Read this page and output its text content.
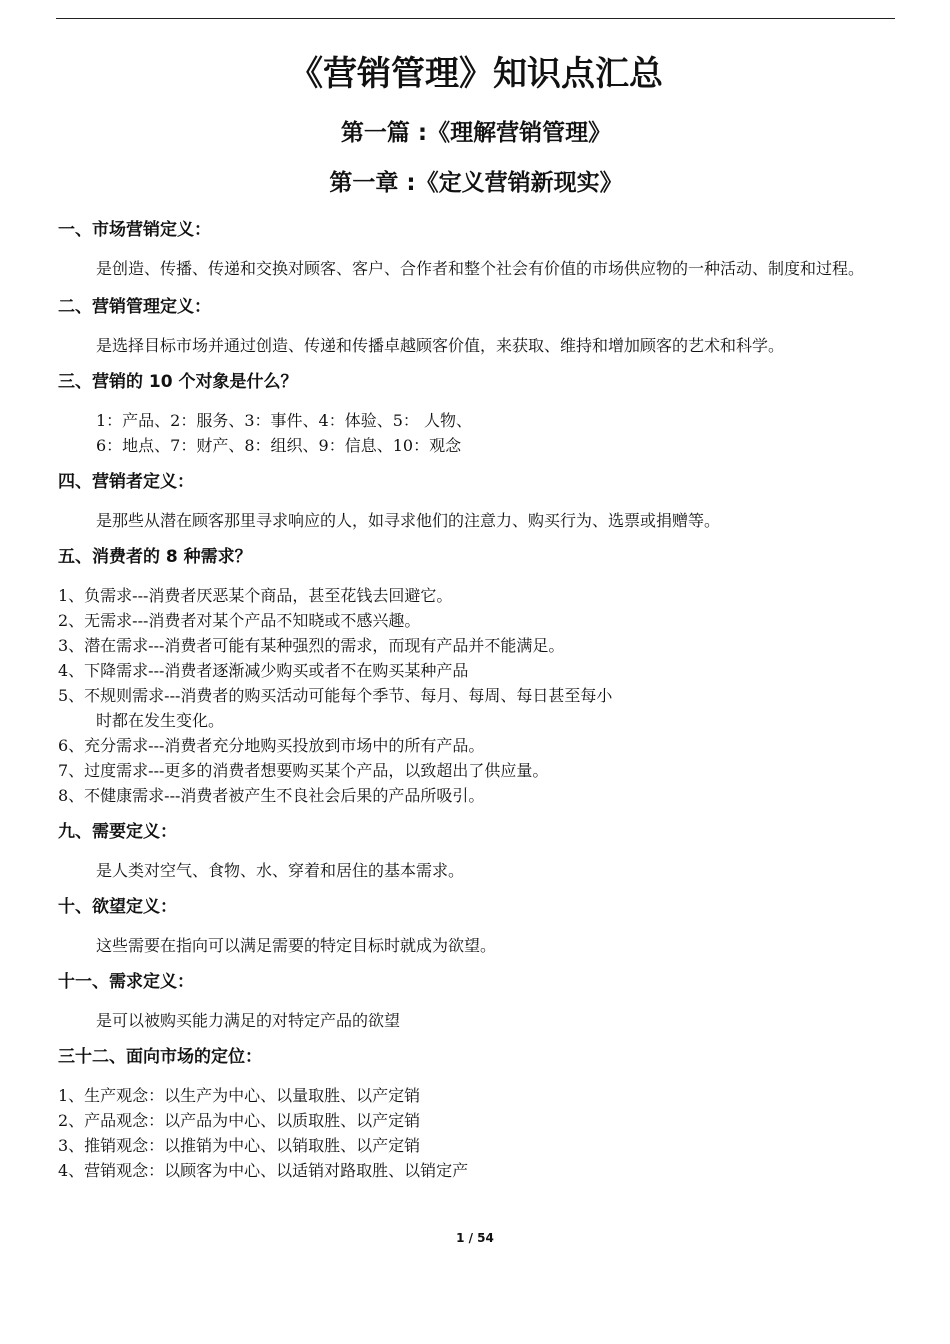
《营销管理》知识点汇总
第一篇 :《理解营销管理》
第一章 :《定义营销新现实》
一、市场营销定义：
是创造、传播、传递和交换对顾客、客户、合作者和整个社会有价值的市场供应物的一种活动、制度和过程。
二、营销管理定义：
是选择目标市场并通过创造、传递和传播卓越顾客价值，来获取、维持和增加顾客的艺术和科学。
三、营销的 10 个对象是什么？
1：产品、2：服务、3：事件、4：体验、5： 人物、
6：地点、7：财产、8：组织、9：信息、10：观念
四、营销者定义：
是那些从潜在顾客那里寻求响应的人，如寻求他们的注意力、购买行为、选票或捐赠等。
五、消费者的 8 种需求？
1、负需求---消费者厌恶某个商品，甚至花钱去回避它。
2、无需求---消费者对某个产品不知晓或不感兴趣。
3、潜在需求---消费者可能有某种强烈的需求，而现有产品并不能满足。
4、下降需求---消费者逐渐减少购买或者不在购买某种产品
5、不规则需求---消费者的购买活动可能每个季节、每月、每周、每日甚至每小
时都在发生变化。
6、充分需求---消费者充分地购买投放到市场中的所有产品。
7、过度需求---更多的消费者想要购买某个产品，以致超出了供应量。
8、不健康需求---消费者被产生不良社会后果的产品所吸引。
九、需要定义：
是人类对空气、食物、水、穿着和居住的基本需求。
十、欲望定义：
这些需要在指向可以满足需要的特定目标时就成为欲望。
十一、需求定义：
是可以被购买能力满足的对特定产品的欲望
三十二、面向市场的定位：
1、生产观念：以生产为中心、以量取胜、以产定销
2、产品观念：以产品为中心、以质取胜、以产定销
3、推销观念：以推销为中心、以销取胜、以产定销
4、营销观念：以顾客为中心、以适销对路取胜、以销定产
1 / 54
